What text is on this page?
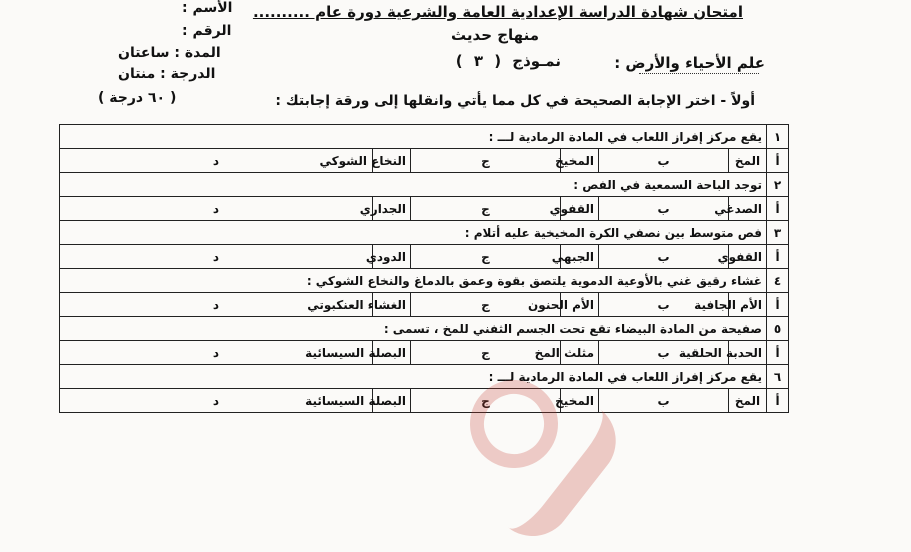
امتحان شهادة الدراسة الإعدادية العامة والشرعية دورة عام ..........
الأسم :
الرقم :
المدة : ساعتان
الدرجة : منتان
منهاج حديث
نمـوذج ( ٣ )	علم الأحياء والأرض :
أولاً - اختر الإجابة الصحيحة في كل مما يأتي وانقلها إلى ورقة إجابتك :
( ٦٠ درجة )
١	يقع مركز إفراز اللعاب في المادة الرمادية لـــ :						
أ	المخ	ب	المخيخ	ج	النخاع الشوكي	د	
٢	توجد الباحة السمعية في الفص :						
أ	الصدغي	ب	القفوي	ج	الجداري	د	
٣	فص متوسط بين نصفي الكرة المخيخية عليه أتلام :						
أ	القفوي	ب	الجبهي	ج	الدودي	د	
٤	غشاء رقيق غني بالأوعية الدموية يلتصق بقوة وعمق بالدماغ والنخاع الشوكي :						
أ	الأم الجافية	ب	الأم الحنون	ج	الغشاء العنكبوتي	د	
٥	صفيحة من المادة البيضاء تقع تحت الجسم الثفني للمخ ، تسمى :						
أ	الحدبة الحلقية	ب	مثلث المخ	ج	البصلة السيسائية	د	
٦	يقع مركز إفراز اللعاب في المادة الرمادية لـــ :						
أ	المخ	ب	المخيخ	ج	البصلة السيسائية	د	
